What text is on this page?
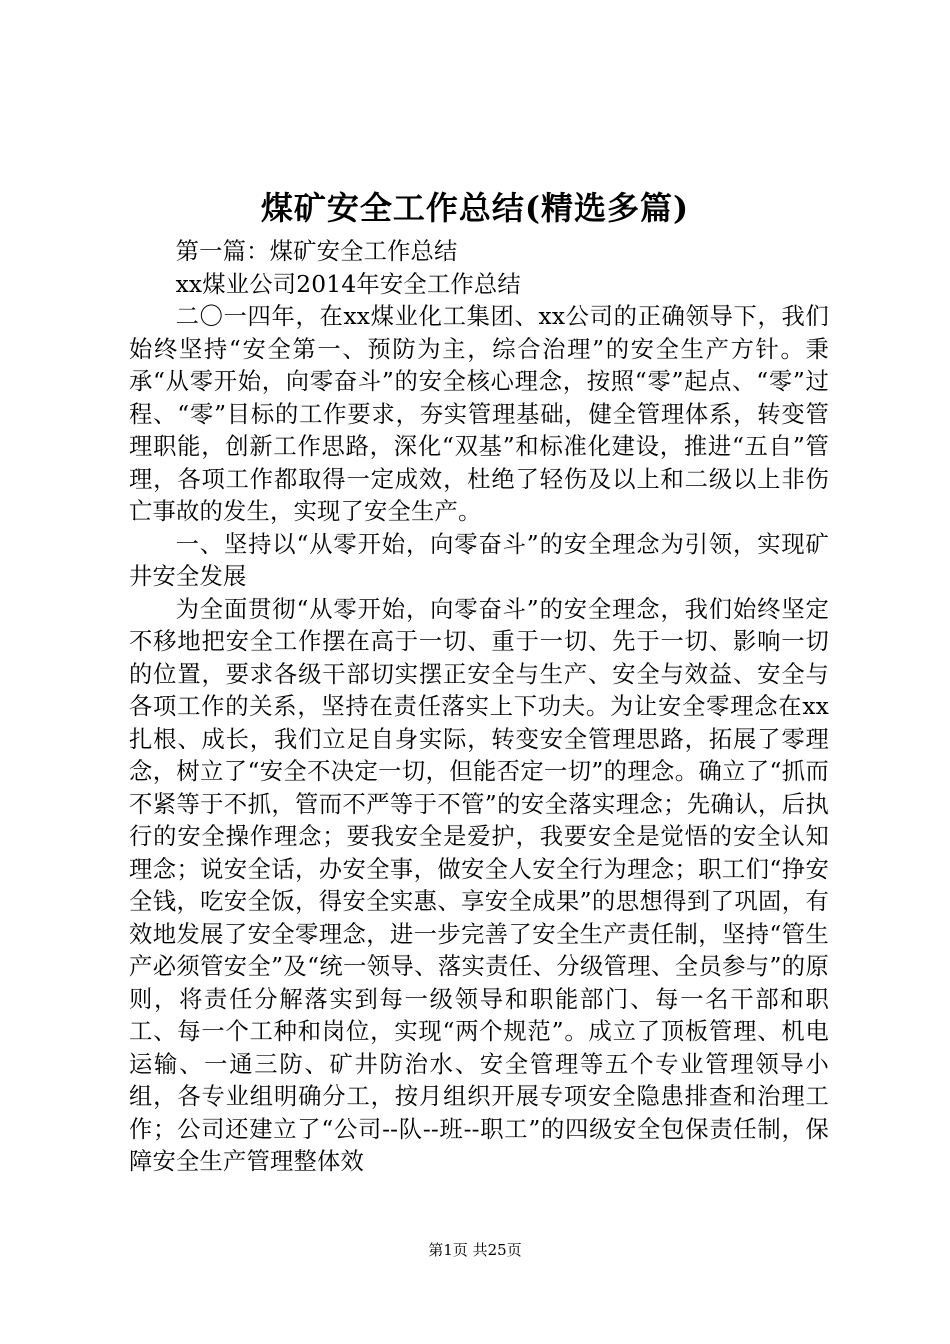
煤矿安全工作总结(精选多篇)

第一篇：煤矿安全工作总结

xx煤业公司2014年安全工作总结

二〇一四年，在xx煤业化工集团、xx公司的正确领导下，我们始终坚持“安全第一、预防为主，综合治理”的安全生产方针。秉承“从零开始，向零奋斗”的安全核心理念，按照“零”起点、“零”过程、“零”目标的工作要求，夯实管理基础，健全管理体系，转变管理职能，创新工作思路，深化“双基”和标准化建设，推进“五自”管理，各项工作都取得一定成效，杜绝了轻伤及以上和二级以上非伤亡事故的发生，实现了安全生产。

一、坚持以“从零开始，向零奋斗”的安全理念为引领，实现矿井安全发展

为全面贯彻“从零开始，向零奋斗”的安全理念，我们始终坚定不移地把安全工作摆在高于一切、重于一切、先于一切、影响一切的位置，要求各级干部切实摆正安全与生产、安全与效益、安全与各项工作的关系，坚持在责任落实上下功夫。为让安全零理念在xx扎根、成长，我们立足自身实际，转变安全管理思路，拓展了零理念，树立了“安全不决定一切，但能否定一切”的理念。确立了“抓而不紧等于不抓，管而不严等于不管”的安全落实理念；先确认，后执行的安全操作理念；要我安全是爱护，我要安全是觉悟的安全认知理念；说安全话，办安全事，做安全人安全行为理念；职工们“挣安全钱，吃安全饭，得安全实惠、享安全成果”的思想得到了巩固，有效地发展了安全零理念，进一步完善了安全生产责任制，坚持“管生产必须管安全”及“统一领导、落实责任、分级管理、全员参与”的原则，将责任分解落实到每一级领导和职能部门、每一名干部和职工、每一个工种和岗位，实现“两个规范”。成立了顶板管理、机电运输、一通三防、矿井防治水、安全管理等五个专业管理领导小组，各专业组明确分工，按月组织开展专项安全隐患排查和治理工作；公司还建立了“公司--队--班--职工”的四级安全包保责任制，保障安全生产管理整体效

第1页 共25页
